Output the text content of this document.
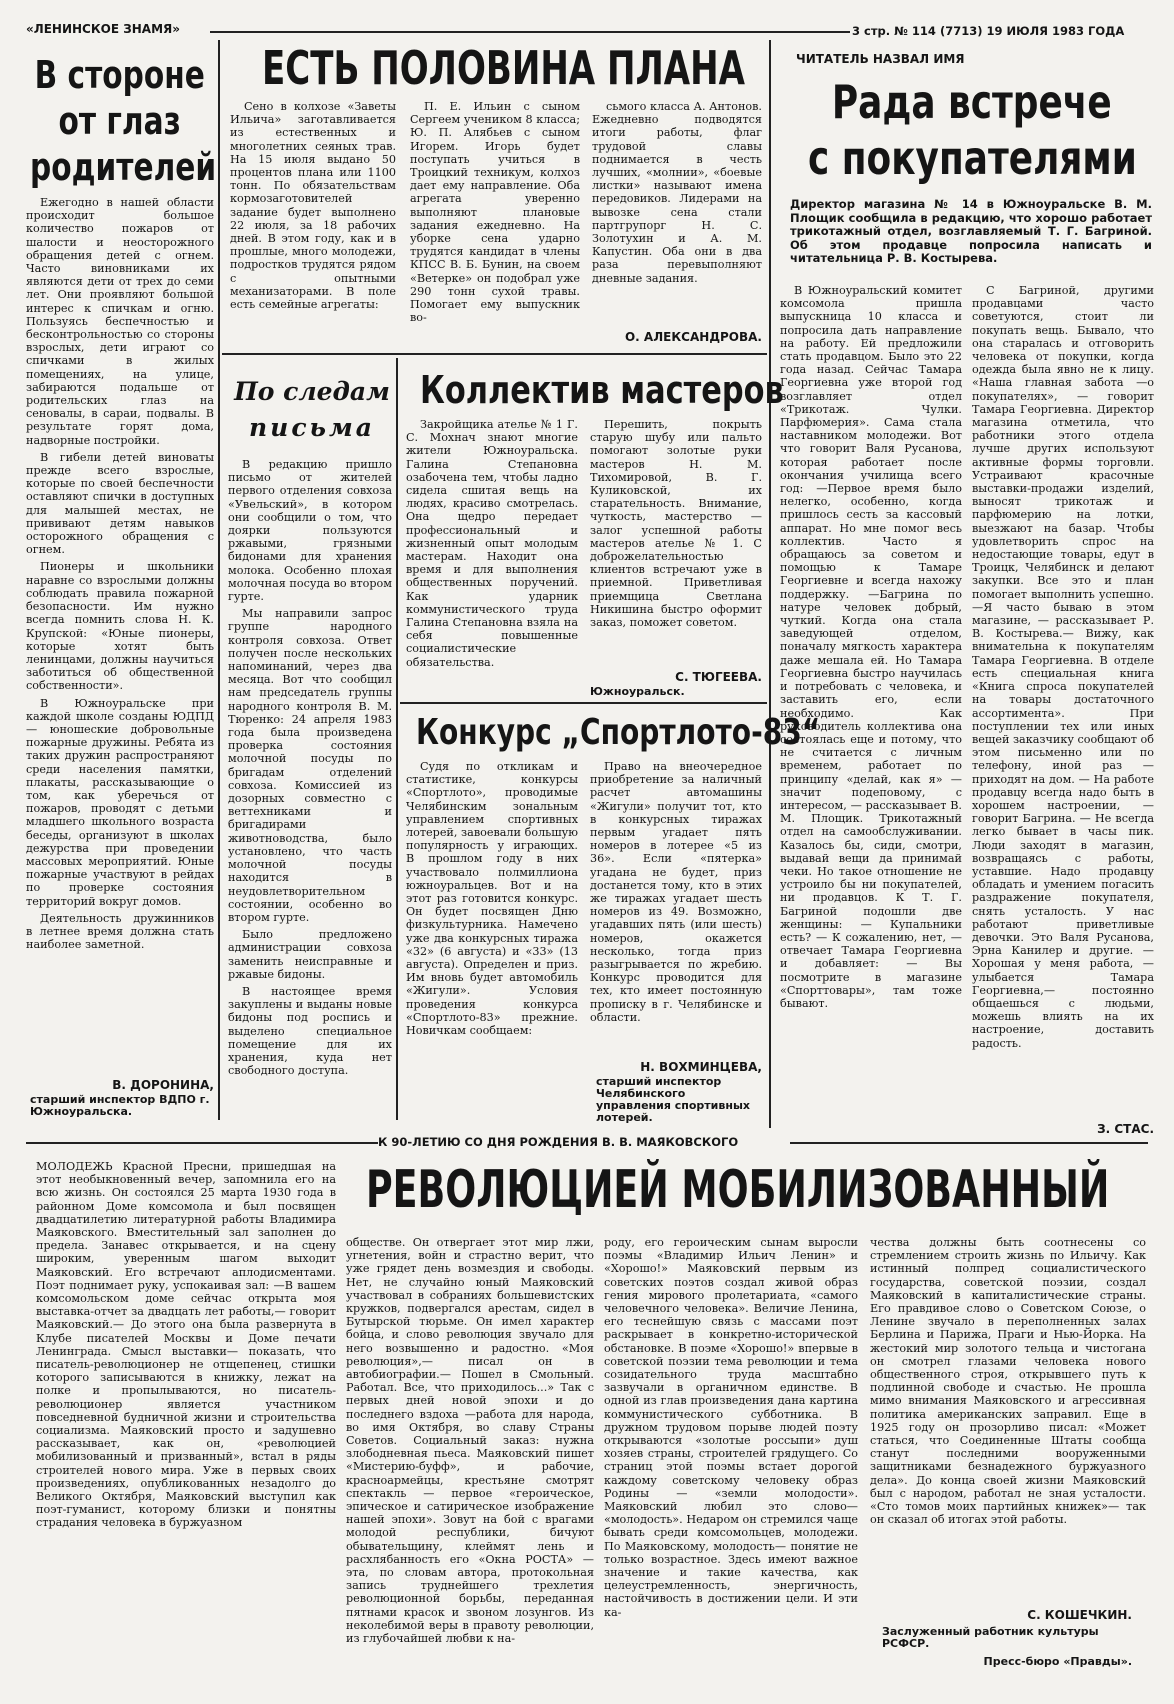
«ЛЕНИНСКОЕ ЗНАМЯ»	3 стр. № 114 (7713) 19 ИЮЛЯ 1983 ГОДА
В стороне
от глаз
родителей

Ежегодно в нашей области происходит большое количество пожаров от шалости и неосторожного обращения детей с огнем. Часто виновниками их являются дети от трех до семи лет. Они проявляют большой интерес к спичкам и огню. Пользуясь беспечностью и бесконтрольностью со стороны взрослых, дети играют со спичками в жилых помещениях, на улице, забираются подальше от родительских глаз на сеновалы, в сараи, подвалы. В результате горят дома, надворные постройки.

В гибели детей виноваты прежде всего взрослые, которые по своей беспечности оставляют спички в доступных для малышей местах, не прививают детям навыков осторожного обращения с огнем.

Пионеры и школьники наравне со взрослыми должны соблюдать правила пожарной безопасности. Им нужно всегда помнить слова Н. К. Крупской: «Юные пионеры, которые хотят быть ленинцами, должны научиться заботиться об общественной собственности».

В Южноуральске при каждой школе созданы ЮДПД— юношеские добровольные пожарные дружины. Ребята из таких дружин распространяют среди населения памятки, плакаты, рассказывающие о том, как уберечься от пожаров, проводят с детьми младшего школьного возраста беседы, организуют в школах дежурства при проведении массовых мероприятий. Юные пожарные участвуют в рейдах по проверке состояния территорий вокруг домов.

Деятельность дружинников в летнее время должна стать наиболее заметной.

В. ДОРОНИНА,
старший инспектор ВДПО г. Южноуральска.
ЕСТЬ ПОЛОВИНА ПЛАНА

Сено в колхозе «Заветы Ильича» заготавливается из естественных и многолетних сеяных трав. На 15 июля выдано 50 процентов плана или 1100 тонн. По обязательствам кормозаготовителей задание будет выполнено 22 июля, за 18 рабочих дней. В этом году, как и в прошлые, много молодежи, подростков трудятся рядом с опытными механизаторами. В поле есть семейные агрегаты:

П. Е. Ильин с сыном Сергеем учеником 8 класса; Ю. П. Алябьев с сыном Игорем. Игорь будет поступать учиться в Троицкий техникум, колхоз дает ему направление. Оба агрегата уверенно выполняют плановые задания ежедневно. На уборке сена ударно трудятся кандидат в члены КПСС В. Б. Бунин, на своем «Ветерке» он подобрал уже 290 тонн сухой травы. Помогает ему выпускник во-

сьмого класса А. Антонов. Ежедневно подводятся итоги работы, флаг трудовой славы поднимается в честь лучших, «молнии», «боевые листки» называют имена передовиков. Лидерами на вывозке сена стали партгрупорг Н. С. Золотухин и А. М. Капустин. Оба они в два раза перевыполняют дневные задания.

О. АЛЕКСАНДРОВА.
По следам
письма

В редакцию пришло письмо от жителей первого отделения совхоза «Увельский», в котором они сообщили о том, что доярки пользуются ржавыми, грязными бидонами для хранения молока. Особенно плохая молочная посуда во втором гурте.

Мы направили запрос группе народного контроля совхоза. Ответ получен после нескольких напоминаний, через два месяца. Вот что сообщил нам председатель группы народного контроля В. М. Тюренко: 24 апреля 1983 года была произведена проверка состояния молочной посуды по бригадам отделений совхоза. Комиссией из дозорных совместно с веттехниками и бригадирами животноводства, было установлено, что часть молочной посуды находится в неудовлетворительном состоянии, особенно во втором гурте.

Было предложено администрации совхоза заменить неисправные и ржавые бидоны.

В настоящее время закуплены и выданы новые бидоны под роспись и выделено специальное помещение для их хранения, куда нет свободного доступа.

Коллектив мастеров

Закройщика ателье № 1 Г. С. Мохнач знают многие жители Южноуральска. Галина Степановна озабочена тем, чтобы ладно сидела сшитая вещь на людях, красиво смотрелась. Она щедро передает профессиональный и жизненный опыт молодым мастерам. Находит она время и для выполнения общественных поручений. Как ударник коммунистического труда Галина Степановна взяла на себя повышенные социалистические обязательства.

Перешить, покрыть старую шубу или пальто помогают золотые руки мастеров Н. М. Тихомировой, В. Г. Куликовской, их старательность. Внимание, чуткость, мастерство —залог успешной работы мастеров ателье № 1. С доброжелательностью клиентов встречают уже в приемной. Приветливая приемщица Светлана Никишина быстро оформит заказ, поможет советом.

С. ТЮГЕЕВА.
Южноуральск.
Конкурс „Спортлото-83“

Судя по откликам и статистике, конкурсы «Спортлото», проводимые Челябинским зональным управлением спортивных лотерей, завоевали большую популярность у играющих. В прошлом году в них участвовало полмиллиона южноуральцев. Вот и на этот раз готовится конкурс. Он будет посвящен Дню физкультурника. Намечено уже два конкурсных тиража «32» (6 августа) и «33» (13 августа). Определен и приз. Им вновь будет автомобиль «Жигули». Условия проведения конкурса «Спортлото-83» прежние. Новичкам сообщаем:

Право на внеочередное приобретение за наличный расчет автомашины «Жигули» получит тот, кто в конкурсных тиражах первым угадает пять номеров в лотерее «5 из 36». Если «пятерка» угадана не будет, приз достанется тому, кто в этих же тиражах угадает шесть номеров из 49. Возможно, угадавших пять (или шесть) номеров, окажется несколько, тогда приз разыгрывается по жребию. Конкурс проводится для тех, кто имеет постоянную прописку в г. Челябинске и области.

Н. ВОХМИНЦЕВА,
старший инспектор Челябинского управления спортивных лотерей.
ЧИТАТЕЛЬ НАЗВАЛ ИМЯ
Рада встрече
с покупателями
Директор магазина № 14 в Южноуральске В. М. Площик сообщила в редакцию, что хорошо работает трикотажный отдел, возглавляемый Т. Г. Багриной. Об этом продавце попросила написать и читательница Р. В. Костырева.

В Южноуральский комитет комсомола пришла выпускница 10 класса и попросила дать направление на работу. Ей предложили стать продавцом. Было это 22 года назад. Сейчас Тамара Георгиевна уже второй год возглавляет отдел «Трикотаж. Чулки. Парфюмерия». Сама стала наставником молодежи. Вот что говорит Валя Русанова, которая работает после окончания училища всего год: —Первое время было нелегко, особенно, когда пришлось сесть за кассовый аппарат. Но мне помог весь коллектив. Часто я обращаюсь за советом и помощью к Тамаре Георгиевне и всегда нахожу поддержку. —Багрина по натуре человек добрый, чуткий. Когда она стала заведующей отделом, поначалу мягкость характера даже мешала ей. Но Тамара Георгиевна быстро научилась и потребовать с человека, и заставить его, если необходимо. Как руководитель коллектива она состоялась еще и потому, что не считается с личным временем, работает по принципу «делай, как я» — значит подеповому, с интересом, — рассказывает В. М. Площик. Трикотажный отдел на самообслуживании. Казалось бы, сиди, смотри, выдавай вещи да принимай чеки. Но такое отношение не устроило бы ни покупателей, ни продавцов. К Т. Г. Багриной подошли две женщины: — Купальники есть? — К сожалению, нет, — отвечает Тамара Георгиевна и добавляет: — Вы посмотрите в магазине «Спорттовары», там тоже бывают.

С Багриной, другими продавцами часто советуются, стоит ли покупать вещь. Бывало, что она старалась и отговорить человека от покупки, когда одежда была явно не к лицу. «Наша главная забота —о покупателях», — говорит Тамара Георгиевна. Директор магазина отметила, что работники этого отдела лучше других используют активные формы торговли. Устраивают красочные выставки-продажи изделий, выносят трикотаж и парфюмерию на лотки, выезжают на базар. Чтобы удовлетворить спрос на недостающие товары, едут в Троицк, Челябинск и делают закупки. Все это и план помогает выполнить успешно. —Я часто бываю в этом магазине, — рассказывает Р. В. Костырева.— Вижу, как внимательна к покупателям Тамара Георгиевна. В отделе есть специальная книга «Книга спроса покупателей на товары достаточного ассортимента». При поступлении тех или иных вещей заказчику сообщают об этом письменно или по телефону, иной раз —приходят на дом. — На работе продавцу всегда надо быть в хорошем настроении, — говорит Багрина. — Не всегда легко бывает в часы пик. Люди заходят в магазин, возвращаясь с работы, уставшие. Надо продавцу обладать и умением погасить раздражение покупателя, снять усталость. У нас работают приветливые девочки. Это Валя Русанова, Эрна Канилер и другие. — Хорошая у меня работа, — улыбается Тамара Георгиевна,— постоянно общаешься с людьми, можешь влиять на их настроение, доставить радость.

З. СТАС.
К 90-ЛЕТИЮ СО ДНЯ РОЖДЕНИЯ В. В. МАЯКОВСКОГО
РЕВОЛЮЦИЕЙ МОБИЛИЗОВАННЫЙ

МОЛОДЕЖЬ Красной Пресни, пришедшая на этот необыкновенный вечер, запомнила его на всю жизнь. Он состоялся 25 марта 1930 года в районном Доме комсомола и был посвящен двадцатилетию литературной работы Владимира Маяковского. Вместительный зал заполнен до предела. Занавес открывается, и на сцену широким, уверенным шагом выходит Маяковский. Его встречают аплодисментами. Поэт поднимает руку, успокаивая зал: —В вашем комсомольском доме сейчас открыта моя выставка-отчет за двадцать лет работы,— говорит Маяковский.— До этого она была развернута в Клубе писателей Москвы и Доме печати Ленинграда. Смысл выставки— показать, что писатель-революционер не отщепенец, стишки которого записываются в книжку, лежат на полке и пропылываются, но писатель-революционер является участником повседневной будничной жизни и строительства социализма. Маяковский просто и задушевно рассказывает, как он, «революцией мобилизованный и призванный», встал в ряды строителей нового мира. Уже в первых своих произведениях, опубликованных незадолго до Великого Октября, Маяковский выступил как поэт-гуманист, которому близки и понятны страдания человека в буржуазном

обществе. Он отвергает этот мир лжи, угнетения, войн и страстно верит, что уже грядет день возмездия и свободы. Нет, не случайно юный Маяковский участвовал в собраниях большевистских кружков, подвергался арестам, сидел в Бутырской тюрьме. Он имел характер бойца, и слово революция звучало для него возвышенно и радостно. «Моя революция»,— писал он в автобиографии.— Пошел в Смольный. Работал. Все, что приходилось...» Так с первых дней новой эпохи и до последнего вздоха —работа для народа, во имя Октября, во славу Страны Советов. Социальный заказ: нужна злободневная пьеса. Маяковский пишет «Мистерию-буфф», и рабочие, красноармейцы, крестьяне смотрят спектакль — первое «героическое, эпическое и сатирическое изображение нашей эпохи». Зовут на бой с врагами молодой республики, бичуют обывательщину, клеймят лень и расхлябанность его «Окна РОСТА» — эта, по словам автора, протокольная запись труднейшего трехлетия революционной борьбы, переданная пятнами красок и звоном лозунгов. Из неколебимой веры в правоту революции, из глубочайшей любви к на-

роду, его героическим сынам выросли поэмы «Владимир Ильич Ленин» и «Хорошо!» Маяковский первым из советских поэтов создал живой образ гения мирового пролетариата, «самого человечного человека». Величие Ленина, его теснейшую связь с массами поэт раскрывает в конкретно-исторической обстановке. В поэме «Хорошо!» впервые в советской поэзии тема революции и тема созидательного труда масштабно зазвучали в органичном единстве. В одной из глав произведения дана картина коммунистического субботника. В дружном трудовом порыве людей поэту открываются «золотые россыпи» душ хозяев страны, строителей грядущего. Со страниц этой поэмы встает дорогой каждому советскому человеку образ Родины — «земли молодости». Маяковский любил это слово— «молодость». Недаром он стремился чаще бывать среди комсомольцев, молодежи. По Маяковскому, молодость— понятие не только возрастное. Здесь имеют важное значение и такие качества, как целеустремленность, энергичность, настойчивость в достижении цели. И эти ка-

чества должны быть соотнесены со стремлением строить жизнь по Ильичу. Как истинный полпред социалистического государства, советской поэзии, создал Маяковский в капиталистические страны. Его правдивое слово о Советском Союзе, о Ленине звучало в переполненных залах Берлина и Парижа, Праги и Нью-Йорка. На жестокий мир золотого тельца и чистогана он смотрел глазами человека нового общественного строя, открывшего путь к подлинной свободе и счастью. Не прошла мимо внимания Маяковского и агрессивная политика американских заправил. Еще в 1925 году он прозорливо писал: «Может статься, что Соединенные Штаты сообща станут последними вооруженными защитниками безнадежного буржуазного дела». До конца своей жизни Маяковский был с народом, работал не зная усталости. «Сто томов моих партийных книжек»— так он сказал об итогах этой работы.

С. КОШЕЧКИН.
Заслуженный работник культуры РСФСР.
Пресс-бюро «Правды».
